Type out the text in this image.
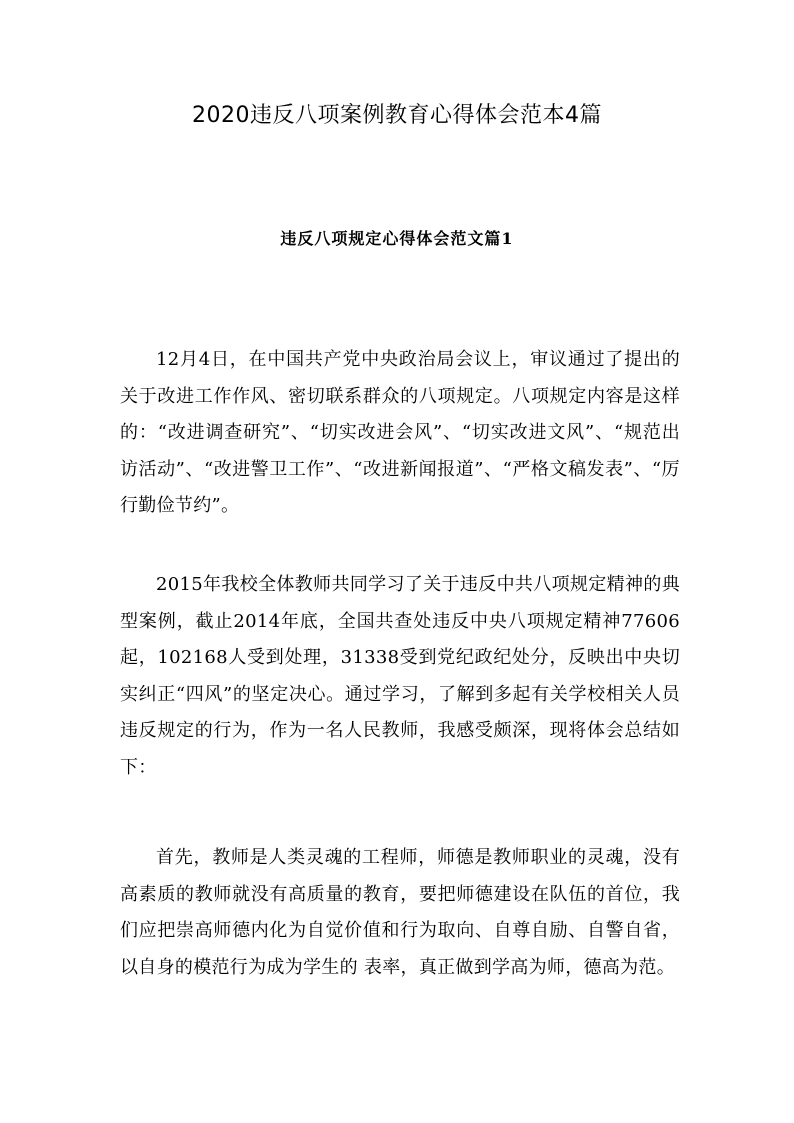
2020违反八项案例教育心得体会范本4篇
违反八项规定心得体会范文篇1

12月4日，在中国共产党中央政治局会议上，审议通过了提出的关于改进工作作风、密切联系群众的八项规定。八项规定内容是这样的：“改进调查研究”、“切实改进会风”、“切实改进文风”、“规范出访活动”、“改进警卫工作”、“改进新闻报道”、“严格文稿发表”、“厉行勤俭节约”。

2015年我校全体教师共同学习了关于违反中共八项规定精神的典型案例，截止2014年底，全国共查处违反中央八项规定精神77606起，102168人受到处理，31338受到党纪政纪处分，反映出中央切实纠正“四风”的坚定决心。通过学习，了解到多起有关学校相关人员违反规定的行为，作为一名人民教师，我感受颇深，现将体会总结如下：

首先，教师是人类灵魂的工程师，师德是教师职业的灵魂，没有高素质的教师就没有高质量的教育，要把师德建设在队伍的首位，我们应把崇高师德内化为自觉价值和行为取向、自尊自励、自警自省，以自身的模范行为成为学生的 表率，真正做到学高为师，德高为范。
